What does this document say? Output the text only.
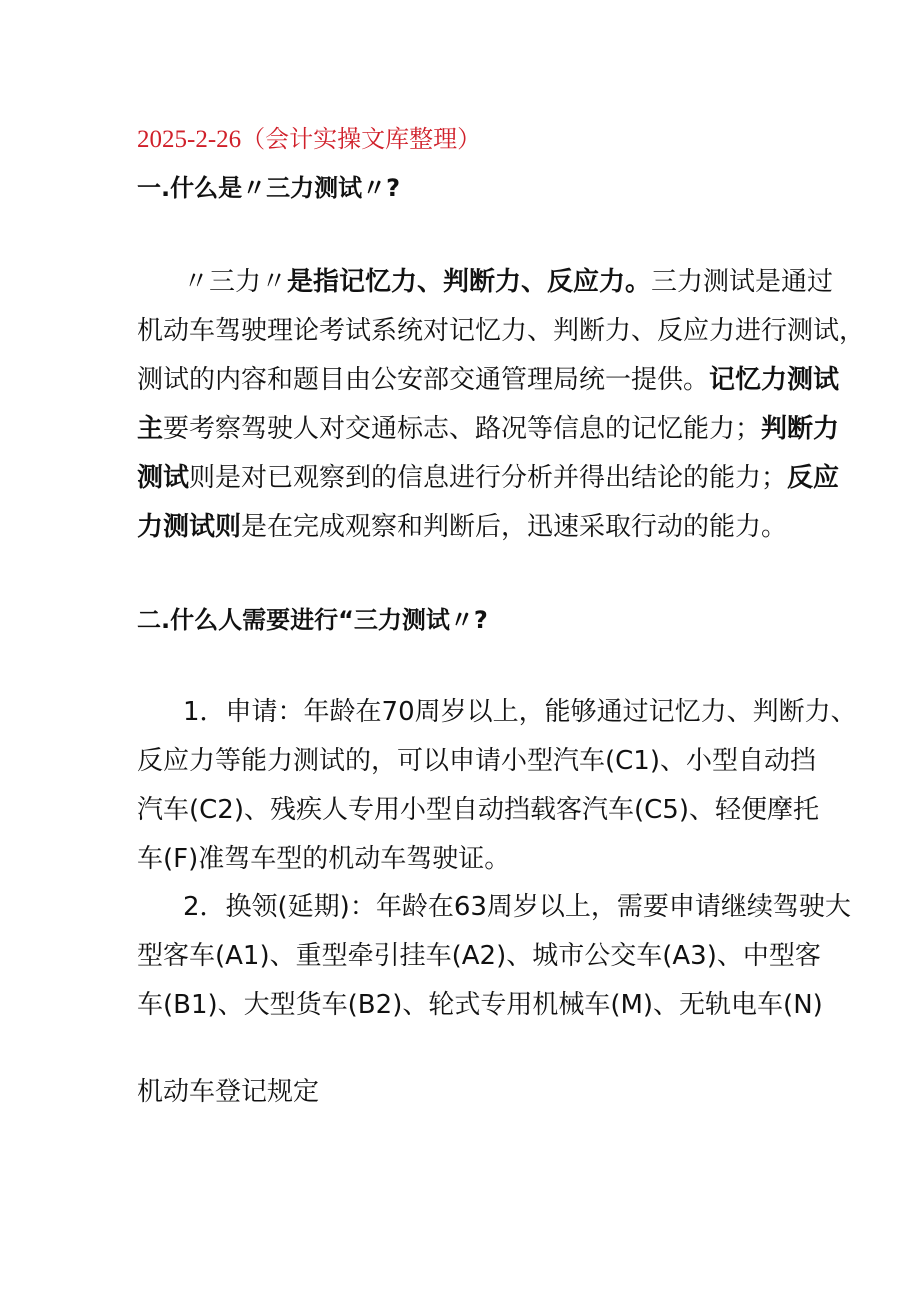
2025-2-26（会计实操文库整理）
一.什么是〃三力测试〃?
〃三力〃是指记忆力、判断力、反应力。三力测试是通过
机动车驾驶理论考试系统对记忆力、判断力、反应力进行测试，
测试的内容和题目由公安部交通管理局统一提供。记忆力测试
主要考察驾驶人对交通标志、路况等信息的记忆能力；判断力
测试则是对已观察到的信息进行分析并得出结论的能力；反应
力测试则是在完成观察和判断后，迅速采取行动的能力。
二.什么人需要进行“三力测试〃?
1．申请：年龄在70周岁以上，能够通过记忆力、判断力、
反应力等能力测试的，可以申请小型汽车(C1)、小型自动挡
汽车(C2)、残疾人专用小型自动挡载客汽车(C5)、轻便摩托
车(F)准驾车型的机动车驾驶证。
2．换领(延期)：年龄在63周岁以上，需要申请继续驾驶大
型客车(A1)、重型牵引挂车(A2)、城市公交车(A3)、中型客
车(B1)、大型货车(B2)、轮式专用机械车(M)、无轨电车(N)
机动车登记规定
